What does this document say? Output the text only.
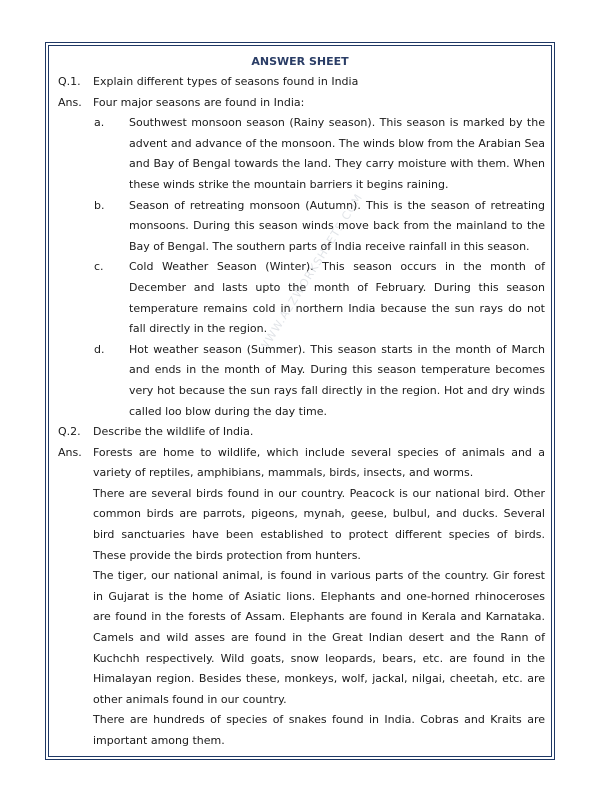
ANSWER SHEET
Q.1.	Explain different types of seasons found in India
Ans.	Four major seasons are found in India:
a.	Southwest monsoon season (Rainy season). This season is marked by the advent and advance of the monsoon. The winds blow from the Arabian Sea and Bay of Bengal towards the land. They carry moisture with them. When these winds strike the mountain barriers it begins raining.
b.	Season of retreating monsoon (Autumn). This is the season of retreating monsoons. During this season winds move back from the mainland to the Bay of Bengal. The southern parts of India receive rainfall in this season.
c.	Cold Weather Season (Winter). This season occurs in the month of December and lasts upto the month of February. During this season temperature remains cold in northern India because the sun rays do not fall directly in the region.
d.	Hot weather season (Summer). This season starts in the month of March and ends in the month of May. During this season temperature becomes very hot because the sun rays fall directly in the region. Hot and dry winds called loo blow during the day time.
Q.2.	Describe the wildlife of India.
Ans.	Forests are home to wildlife, which include several species of animals and a variety of reptiles, amphibians, mammals, birds, insects, and worms.
There are several birds found in our country. Peacock is our national bird. Other common birds are parrots, pigeons, mynah, geese, bulbul, and ducks. Several bird sanctuaries have been established to protect different species of birds. These provide the birds protection from hunters.
The tiger, our national animal, is found in various parts of the country. Gir forest in Gujarat is the home of Asiatic lions. Elephants and one-horned rhinoceroses are found in the forests of Assam. Elephants are found in Kerala and Karnataka. Camels and wild asses are found in the Great Indian desert and the Rann of Kuchchh respectively. Wild goats, snow leopards, bears, etc. are found in the Himalayan region. Besides these, monkeys, wolf, jackal, nilgai, cheetah, etc. are other animals found in our country.
There are hundreds of species of snakes found in India. Cobras and Kraits are important among them.
WWW.A2ZWORKSHEETS.COM
